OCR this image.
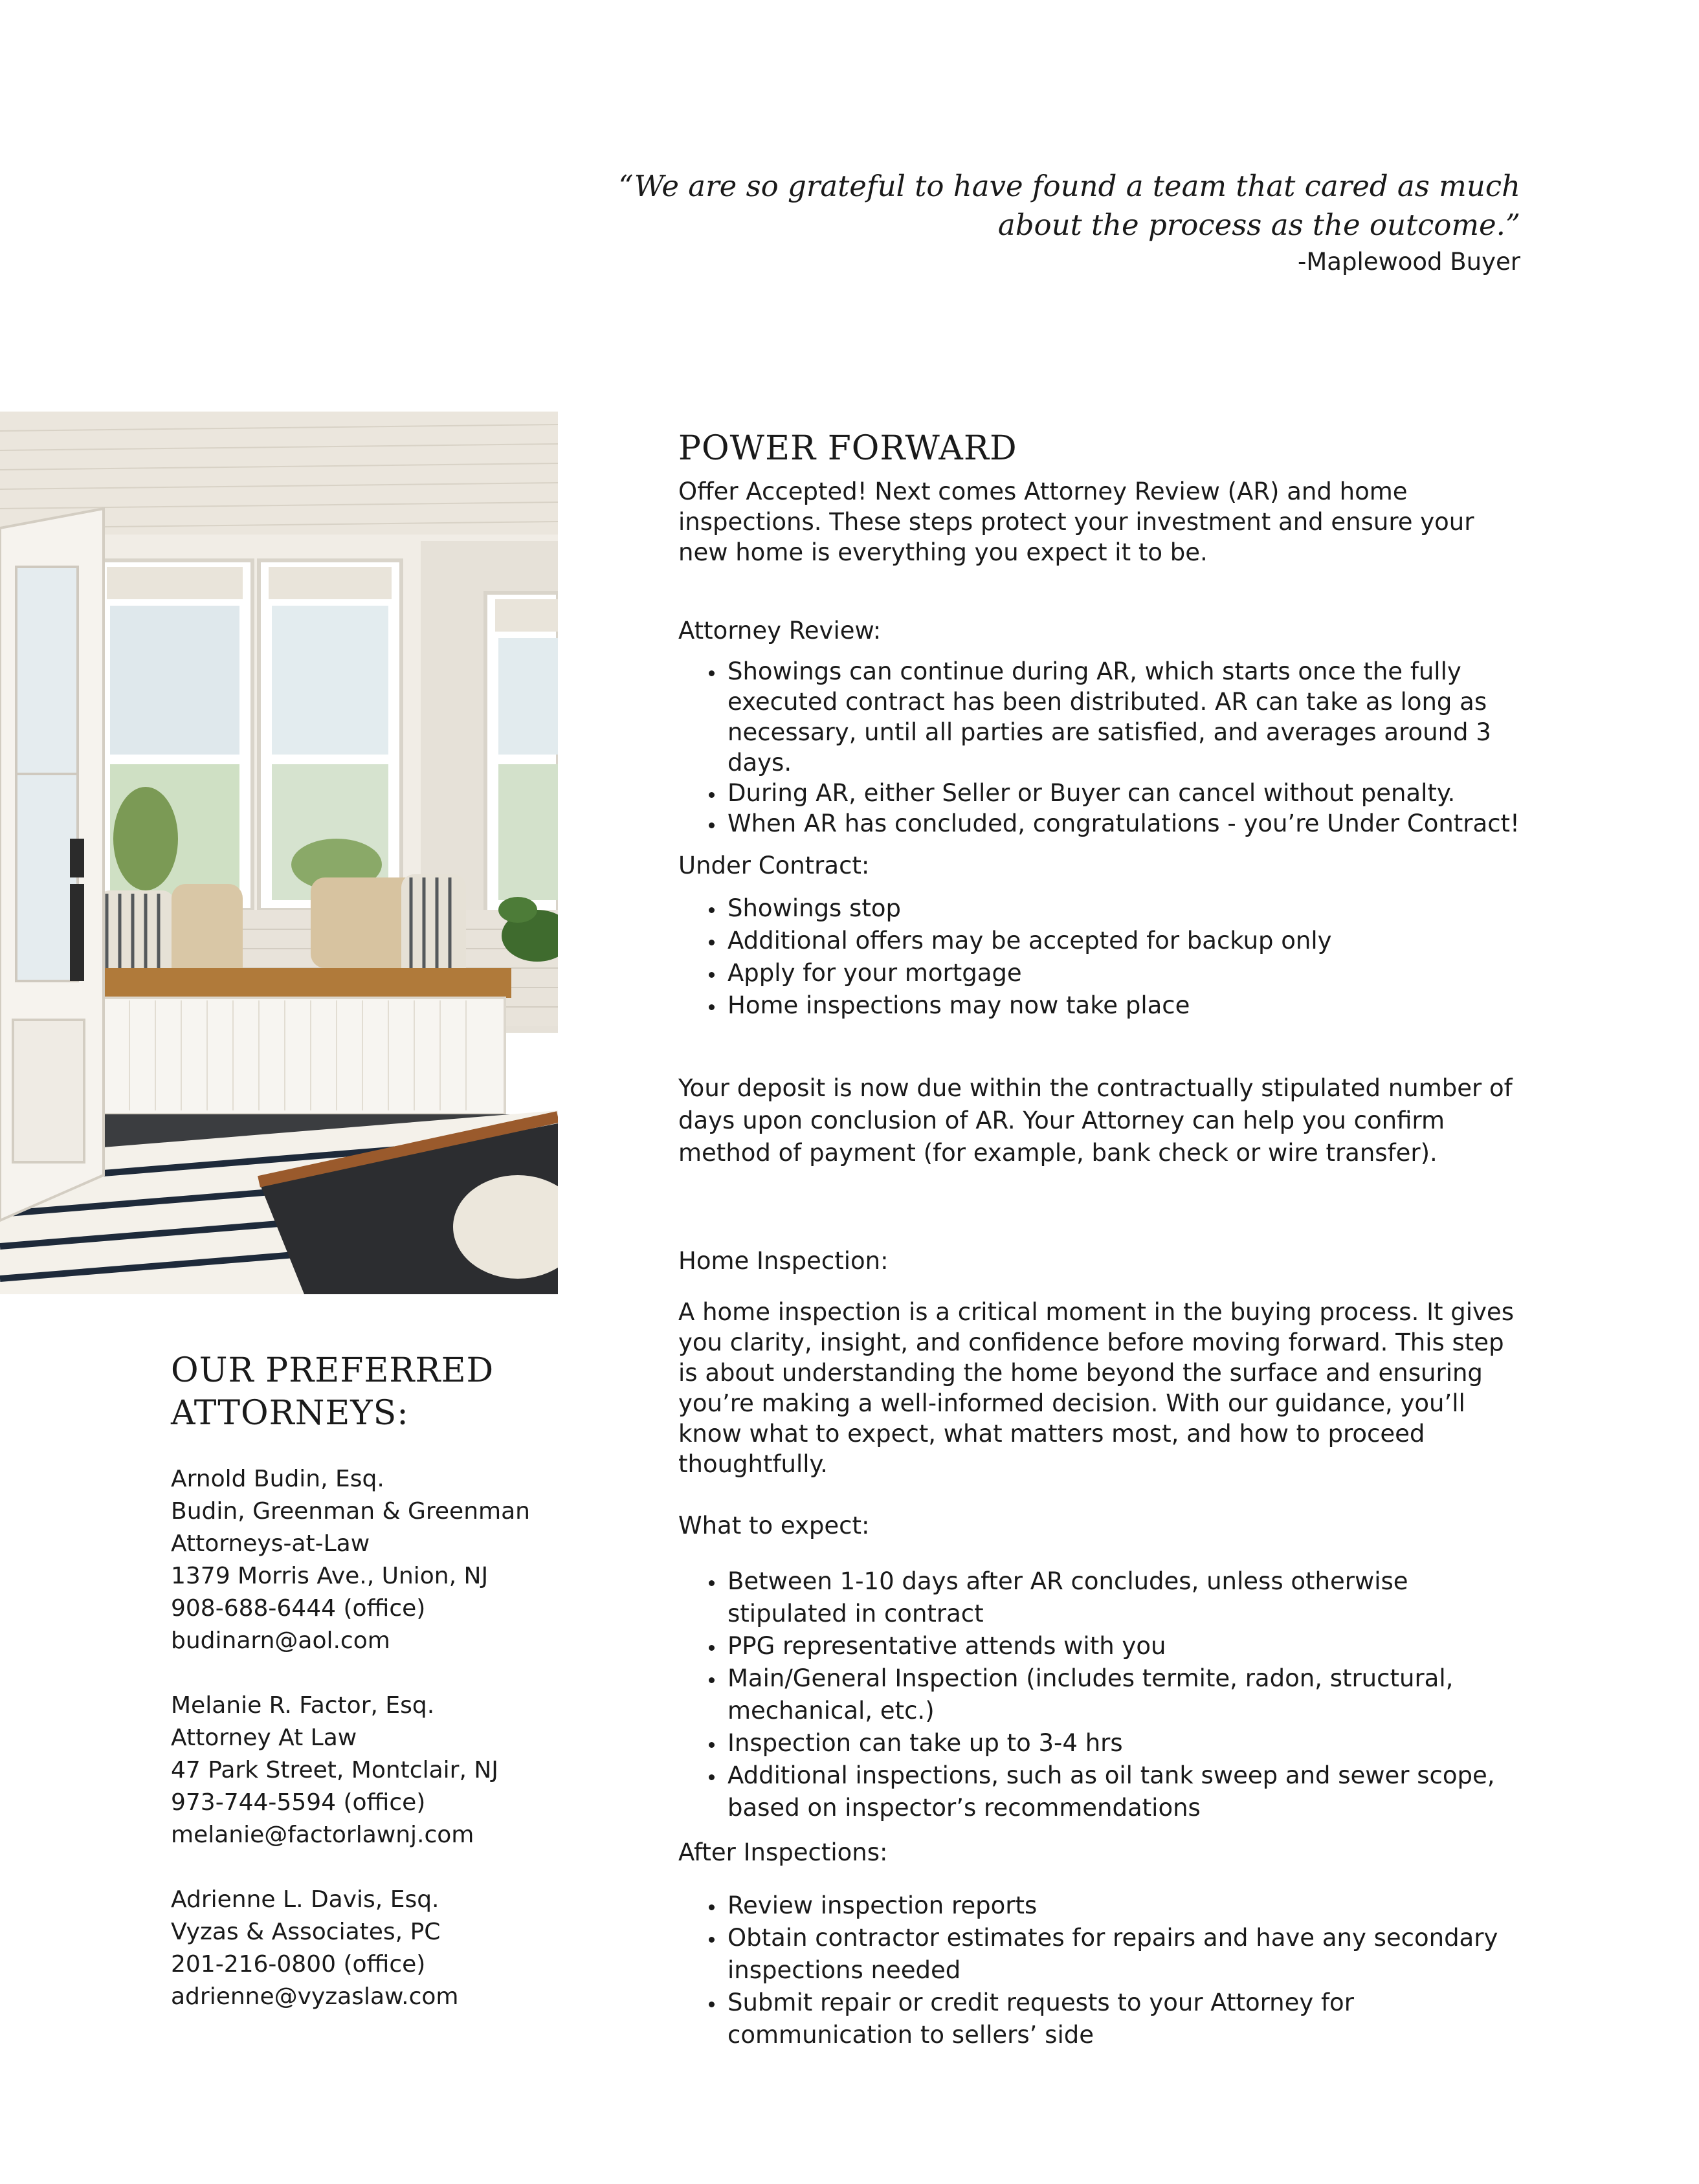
“We are so grateful to have found a team that cared as much about the process as the outcome.”
-Maplewood Buyer
OUR PREFERRED ATTORNEYS:
Arnold Budin, Esq.
Budin, Greenman & Greenman
Attorneys-at-Law
1379 Morris Ave., Union, NJ
908-688-6444 (office)
budinarn@aol.com
Melanie R. Factor, Esq.
Attorney At Law
47 Park Street, Montclair, NJ
973-744-5594 (office)
melanie@factorlawnj.com
Adrienne L. Davis, Esq.
Vyzas & Associates, PC
201-216-0800 (office)
adrienne@vyzaslaw.com
POWER FORWARD

Offer Accepted! Next comes Attorney Review (AR) and home inspections. These steps protect your investment and ensure your new home is everything you expect it to be.

Attorney Review:
• Showings can continue during AR, which starts once the fully executed contract has been distributed. AR can take as long as necessary, until all parties are satisfied, and averages around 3 days.
• During AR, either Seller or Buyer can cancel without penalty.
• When AR has concluded, congratulations - you’re Under Contract!
Under Contract:
• Showings stop
• Additional offers may be accepted for backup only
• Apply for your mortgage
• Home inspections may now take place

Your deposit is now due within the contractually stipulated number of days upon conclusion of AR. Your Attorney can help you confirm method of payment (for example, bank check or wire transfer).

Home Inspection:

A home inspection is a critical moment in the buying process. It gives you clarity, insight, and confidence before moving forward. This step is about understanding the home beyond the surface and ensuring you’re making a well-informed decision. With our guidance, you’ll know what to expect, what matters most, and how to proceed thoughtfully.

What to expect:
• Between 1-10 days after AR concludes, unless otherwise stipulated in contract
• PPG representative attends with you
• Main/General Inspection (includes termite, radon, structural, mechanical, etc.)
• Inspection can take up to 3-4 hrs
• Additional inspections, such as oil tank sweep and sewer scope, based on inspector’s recommendations
After Inspections:
• Review inspection reports
• Obtain contractor estimates for repairs and have any secondary inspections needed
• Submit repair or credit requests to your Attorney for communication to sellers’ side
